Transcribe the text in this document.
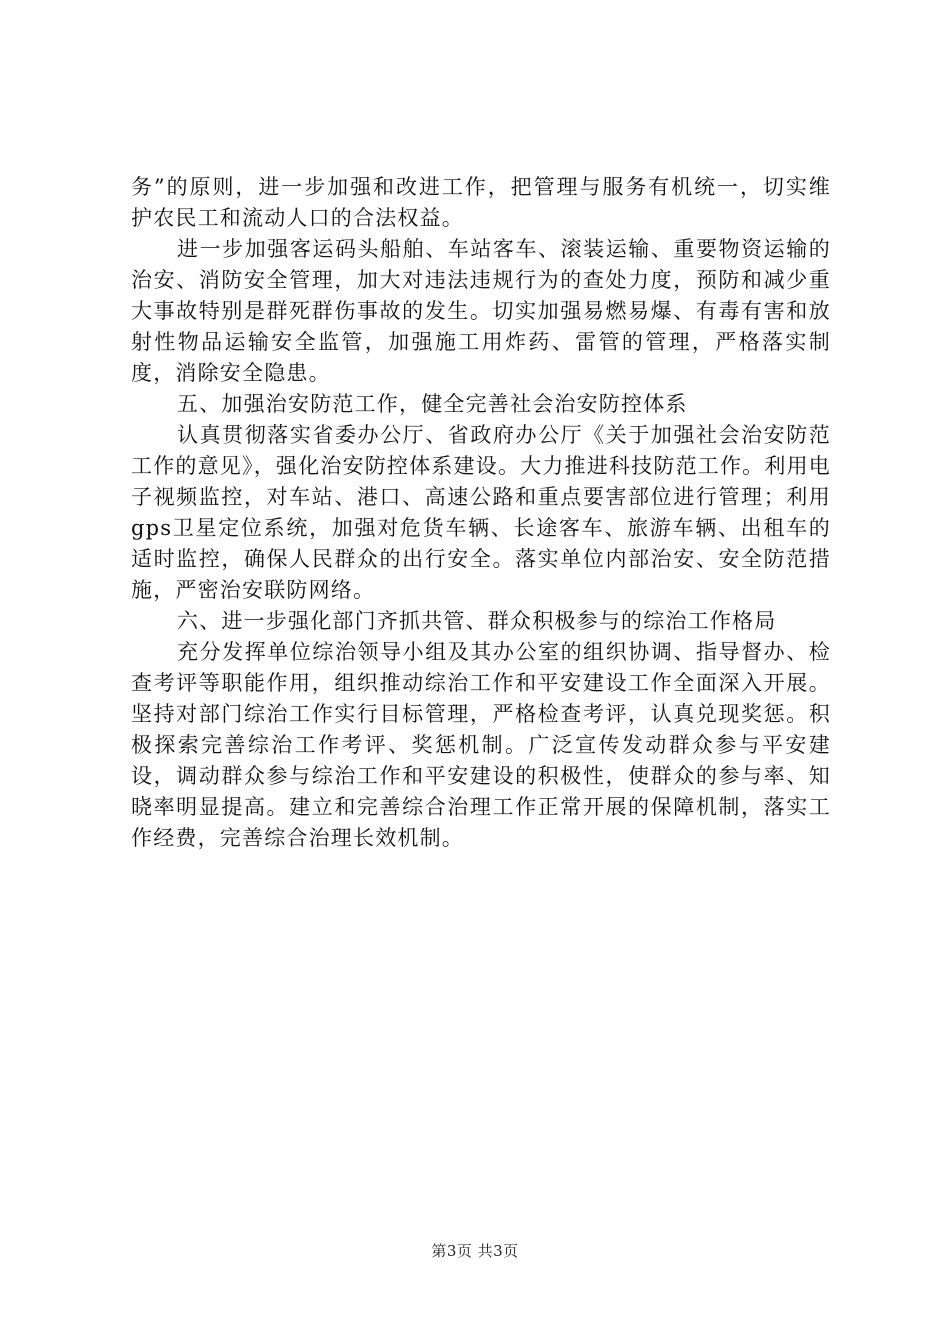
务”的原则，进一步加强和改进工作，把管理与服务有机统一，切实维护农民工和流动人口的合法权益。

进一步加强客运码头船舶、车站客车、滚装运输、重要物资运输的治安、消防安全管理，加大对违法违规行为的查处力度，预防和减少重大事故特别是群死群伤事故的发生。切实加强易燃易爆、有毒有害和放射性物品运输安全监管，加强施工用炸药、雷管的管理，严格落实制度，消除安全隐患。

五、加强治安防范工作，健全完善社会治安防控体系

认真贯彻落实省委办公厅、省政府办公厅《关于加强社会治安防范工作的意见》，强化治安防控体系建设。大力推进科技防范工作。利用电子视频监控，对车站、港口、高速公路和重点要害部位进行管理；利用gps卫星定位系统，加强对危货车辆、长途客车、旅游车辆、出租车的适时监控，确保人民群众的出行安全。落实单位内部治安、安全防范措施，严密治安联防网络。

六、进一步强化部门齐抓共管、群众积极参与的综治工作格局

充分发挥单位综治领导小组及其办公室的组织协调、指导督办、检查考评等职能作用，组织推动综治工作和平安建设工作全面深入开展。坚持对部门综治工作实行目标管理，严格检查考评，认真兑现奖惩。积极探索完善综治工作考评、奖惩机制。广泛宣传发动群众参与平安建设，调动群众参与综治工作和平安建设的积极性，使群众的参与率、知晓率明显提高。建立和完善综合治理工作正常开展的保障机制，落实工作经费，完善综合治理长效机制。

第3页 共3页
